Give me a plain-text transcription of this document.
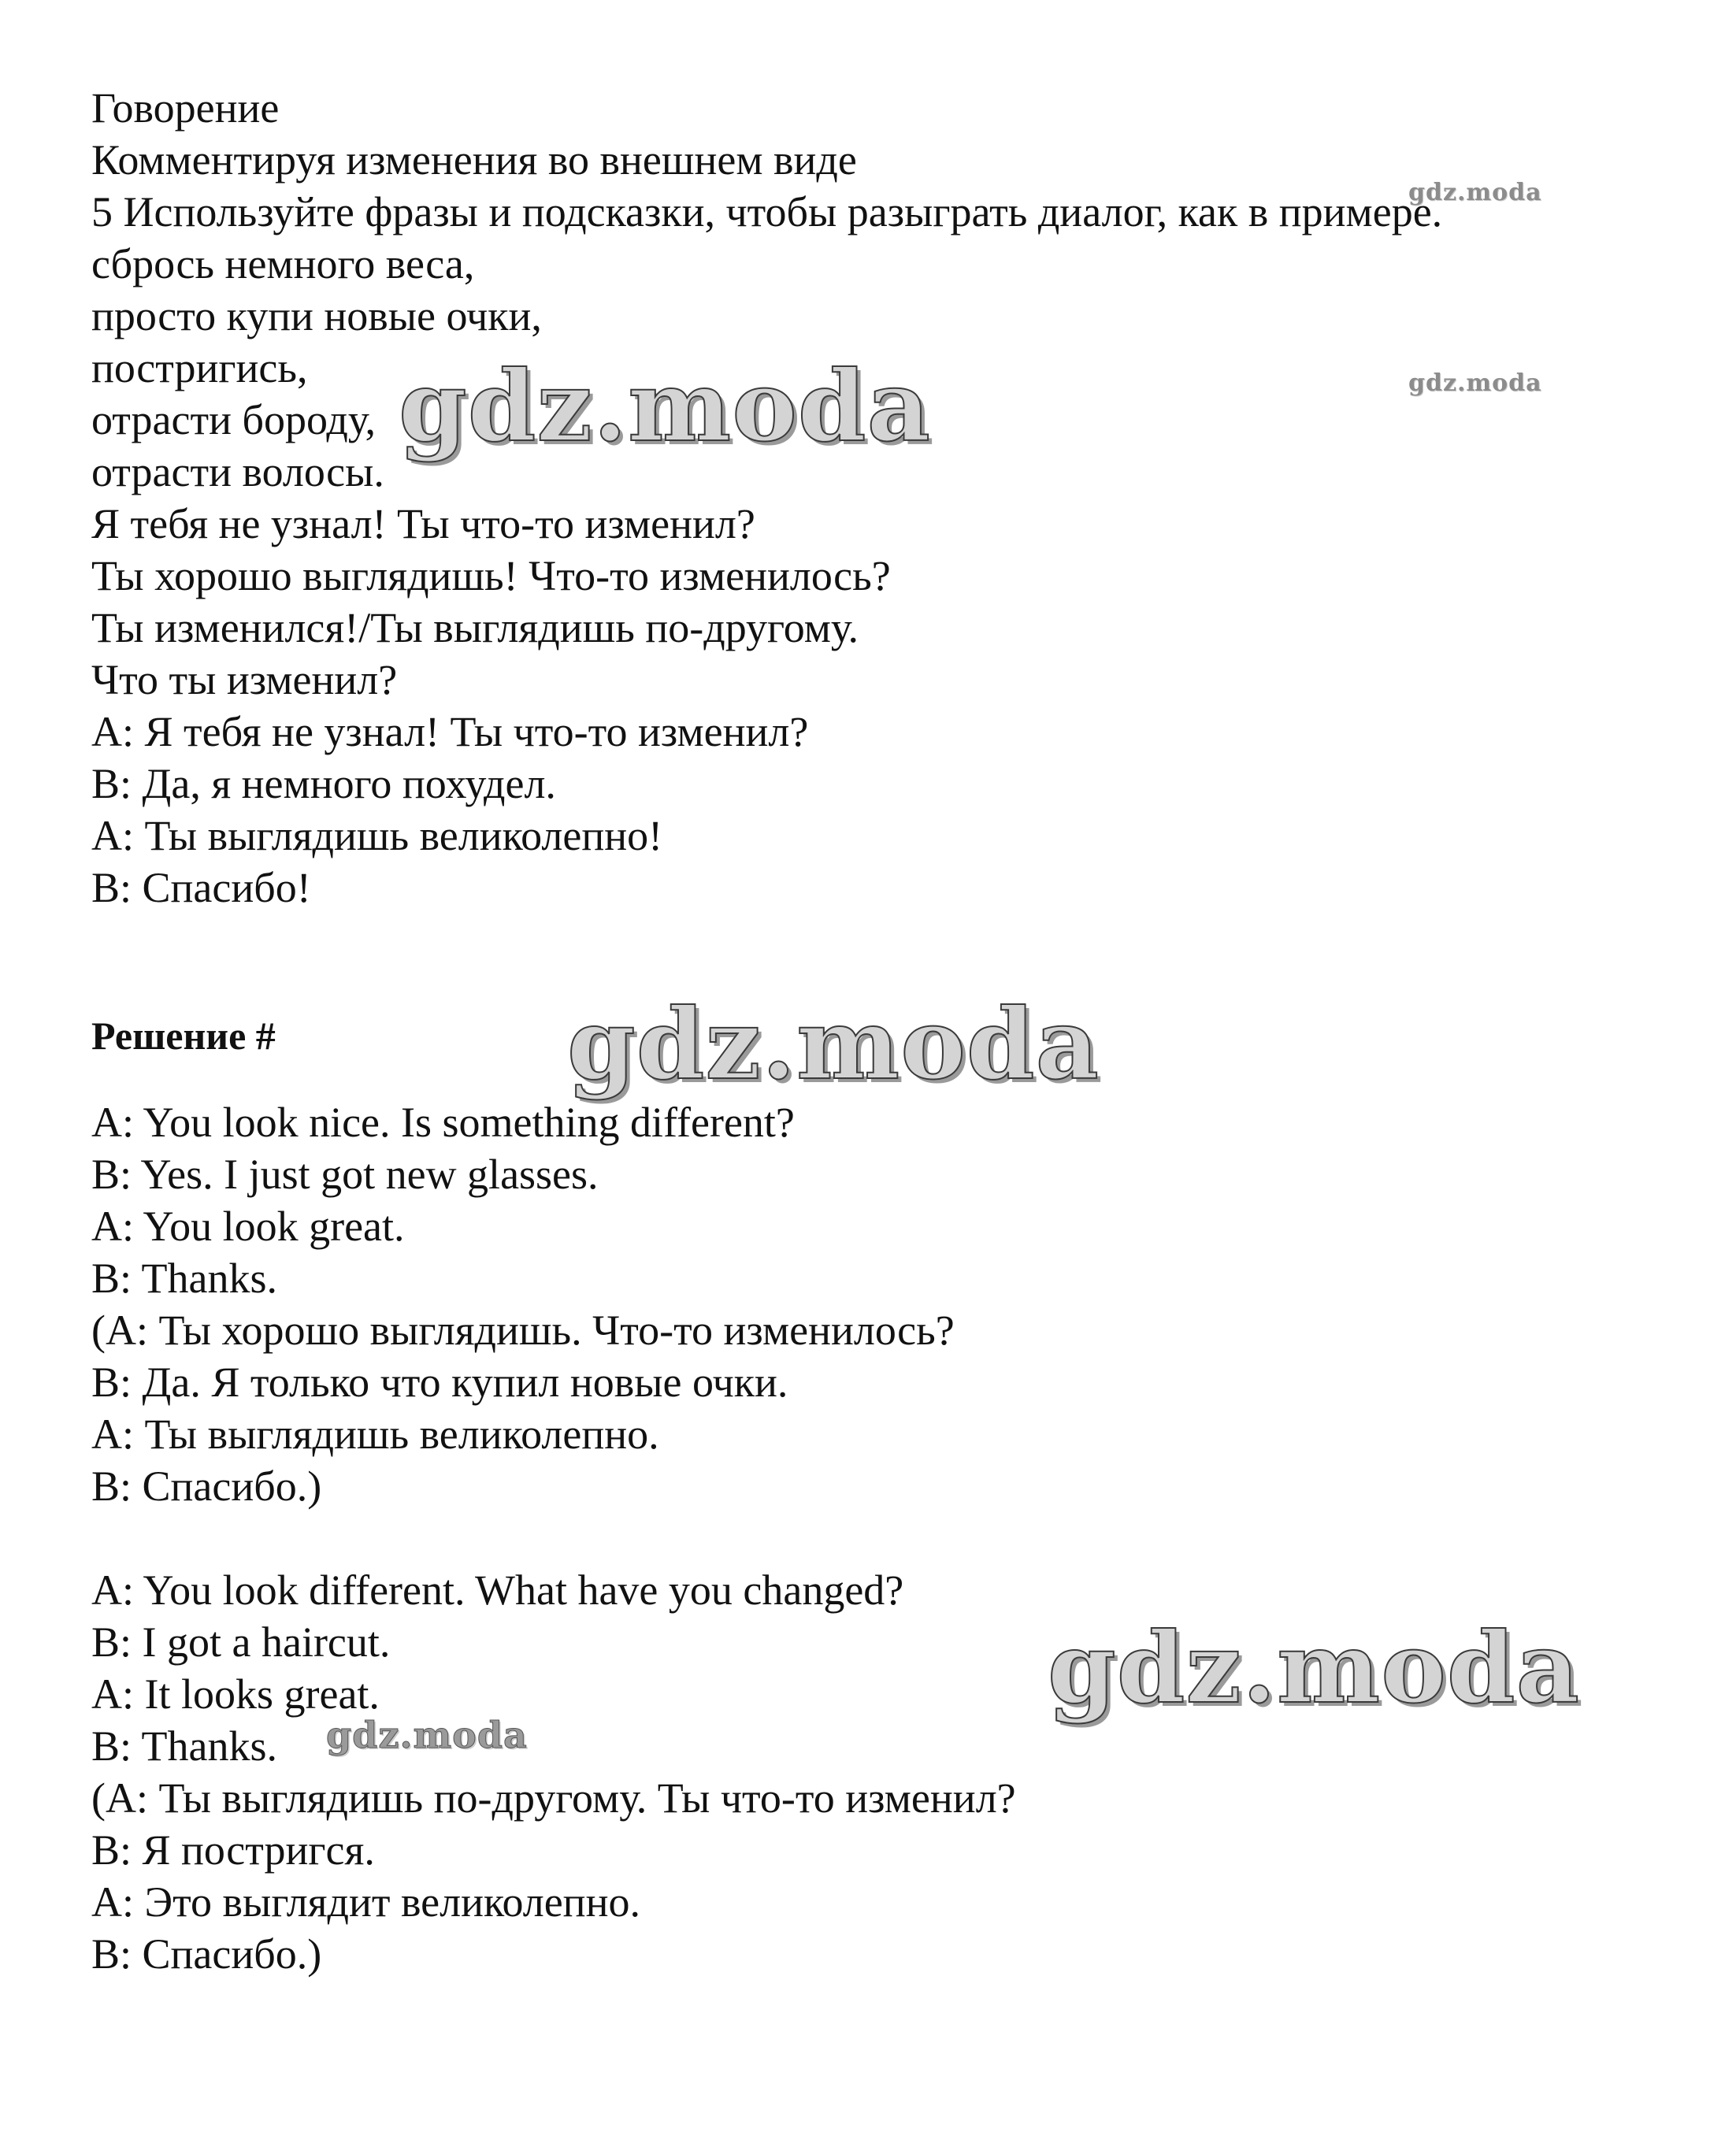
Говорение
Комментируя изменения во внешнем виде
5 Используйте фразы и подсказки, чтобы разыграть диалог, как в примере.
сбрось немного веса,
просто купи новые очки,
постригись,
отрасти бороду,
отрасти волосы.
Я тебя не узнал! Ты что-то изменил?
Ты хорошо выглядишь! Что-то изменилось?
Ты изменился!/Ты выглядишь по-другому.
Что ты изменил?
А: Я тебя не узнал! Ты что-то изменил?
В: Да, я немного похудел.
А: Ты выглядишь великолепно!
В: Спасибо!
Решение #
A: You look nice. Is something different?
B: Yes. I just got new glasses.
A: You look great.
B: Thanks.
(А: Ты хорошо выглядишь. Что-то изменилось?
В: Да. Я только что купил новые очки.
А: Ты выглядишь великолепно.
В: Спасибо.)
A: You look different. What have you changed?
B: I got a haircut.
A: It looks great.
B: Thanks.
(А: Ты выглядишь по-другому. Ты что-то изменил?
В: Я постригся.
А: Это выглядит великолепно.
В: Спасибо.)
gdz.moda
gdz.moda
gdz.moda
gdz.moda
gdz.moda
gdz.moda
